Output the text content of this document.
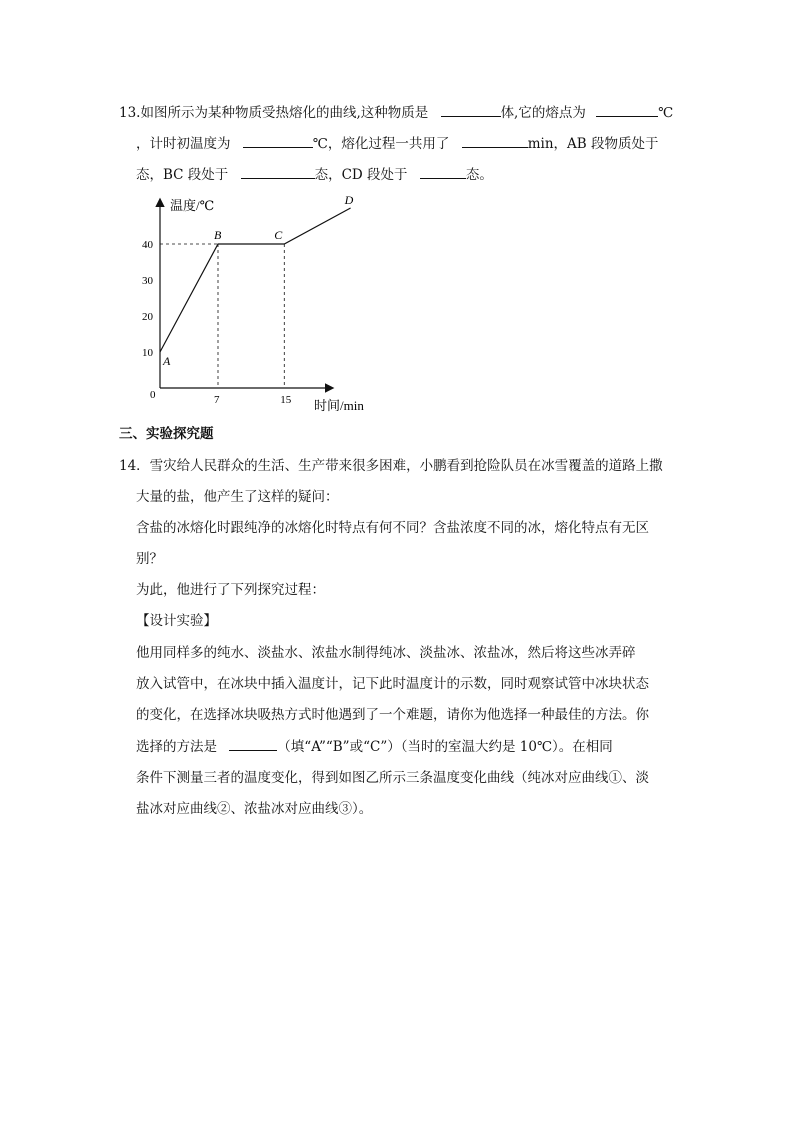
13.如图所示为某种物质受热熔化的曲线,这种物质是	体,它的熔点为	℃
，计时初温度为	℃，熔化过程一共用了	min，AB 段物质处于
态，BC 段处于	态，CD 段处于	态。
温度/℃
时间/min
0
10
20
30
40
7	15
A
B	C
D
三、实验探究题
14．雪灾给人民群众的生活、生产带来很多困难，小鹏看到抢险队员在冰雪覆盖的道路上撒
大量的盐，他产生了这样的疑问：
含盐的冰熔化时跟纯净的冰熔化时特点有何不同？含盐浓度不同的冰，熔化特点有无区
别？
为此，他进行了下列探究过程：
【设计实验】
他用同样多的纯水、淡盐水、浓盐水制得纯冰、淡盐冰、浓盐冰，然后将这些冰弄碎
放入试管中，在冰块中插入温度计，记下此时温度计的示数，同时观察试管中冰块状态
的变化，在选择冰块吸热方式时他遇到了一个难题，请你为他选择一种最佳的方法。你
选择的方法是	（填“A”“B”或“C”）（当时的室温大约是 10℃）。在相同
条件下测量三者的温度变化，得到如图乙所示三条温度变化曲线（纯冰对应曲线①、淡
盐冰对应曲线②、浓盐冰对应曲线③）。
